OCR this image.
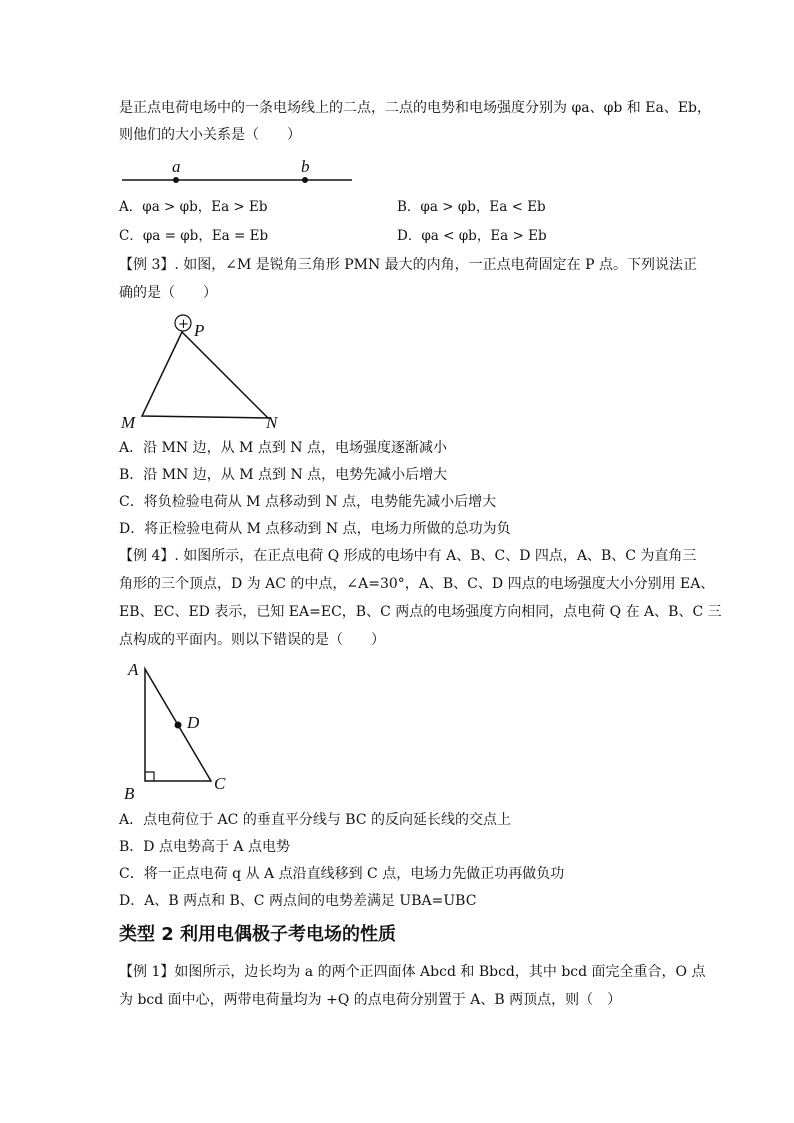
是正点电荷电场中的一条电场线上的二点，二点的电势和电场强度分别为 φa、φb 和 Ea、Eb，
则他们的大小关系是（　　）
a	b
A．φa > φb，Ea > Eb	B．φa > φb，Ea < Eb
C．φa = φb，Ea = Eb	D．φa < φb，Ea > Eb
【例 3】. 如图，∠M 是锐角三角形 PMN 最大的内角，一正点电荷固定在 P 点。下列说法正
确的是（　　）
+ P
M	N
A．沿 MN 边，从 M 点到 N 点，电场强度逐渐减小
B．沿 MN 边，从 M 点到 N 点，电势先减小后增大
C．将负检验电荷从 M 点移动到 N 点，电势能先减小后增大
D．将正检验电荷从 M 点移动到 N 点，电场力所做的总功为负
【例 4】. 如图所示，在正点电荷 Q 形成的电场中有 A、B、C、D 四点，A、B、C 为直角三
角形的三个顶点，D 为 AC 的中点，∠A=30°，A、B、C、D 四点的电场强度大小分别用 EA、
EB、EC、ED 表示，已知 EA=EC，B、C 两点的电场强度方向相同，点电荷 Q 在 A、B、C 三
点构成的平面内。则以下错误的是（　　）
A
D
B
C
A．点电荷位于 AC 的垂直平分线与 BC 的反向延长线的交点上
B．D 点电势高于 A 点电势
C．将一正点电荷 q 从 A 点沿直线移到 C 点，电场力先做正功再做负功
D．A、B 两点和 B、C 两点间的电势差满足 UBA=UBC
类型 2 利用电偶极子考电场的性质
【例 1】如图所示，边长均为 a 的两个正四面体 Abcd 和 Bbcd，其中 bcd 面完全重合，O 点
为 bcd 面中心，两带电荷量均为 +Q 的点电荷分别置于 A、B 两顶点，则（　）
